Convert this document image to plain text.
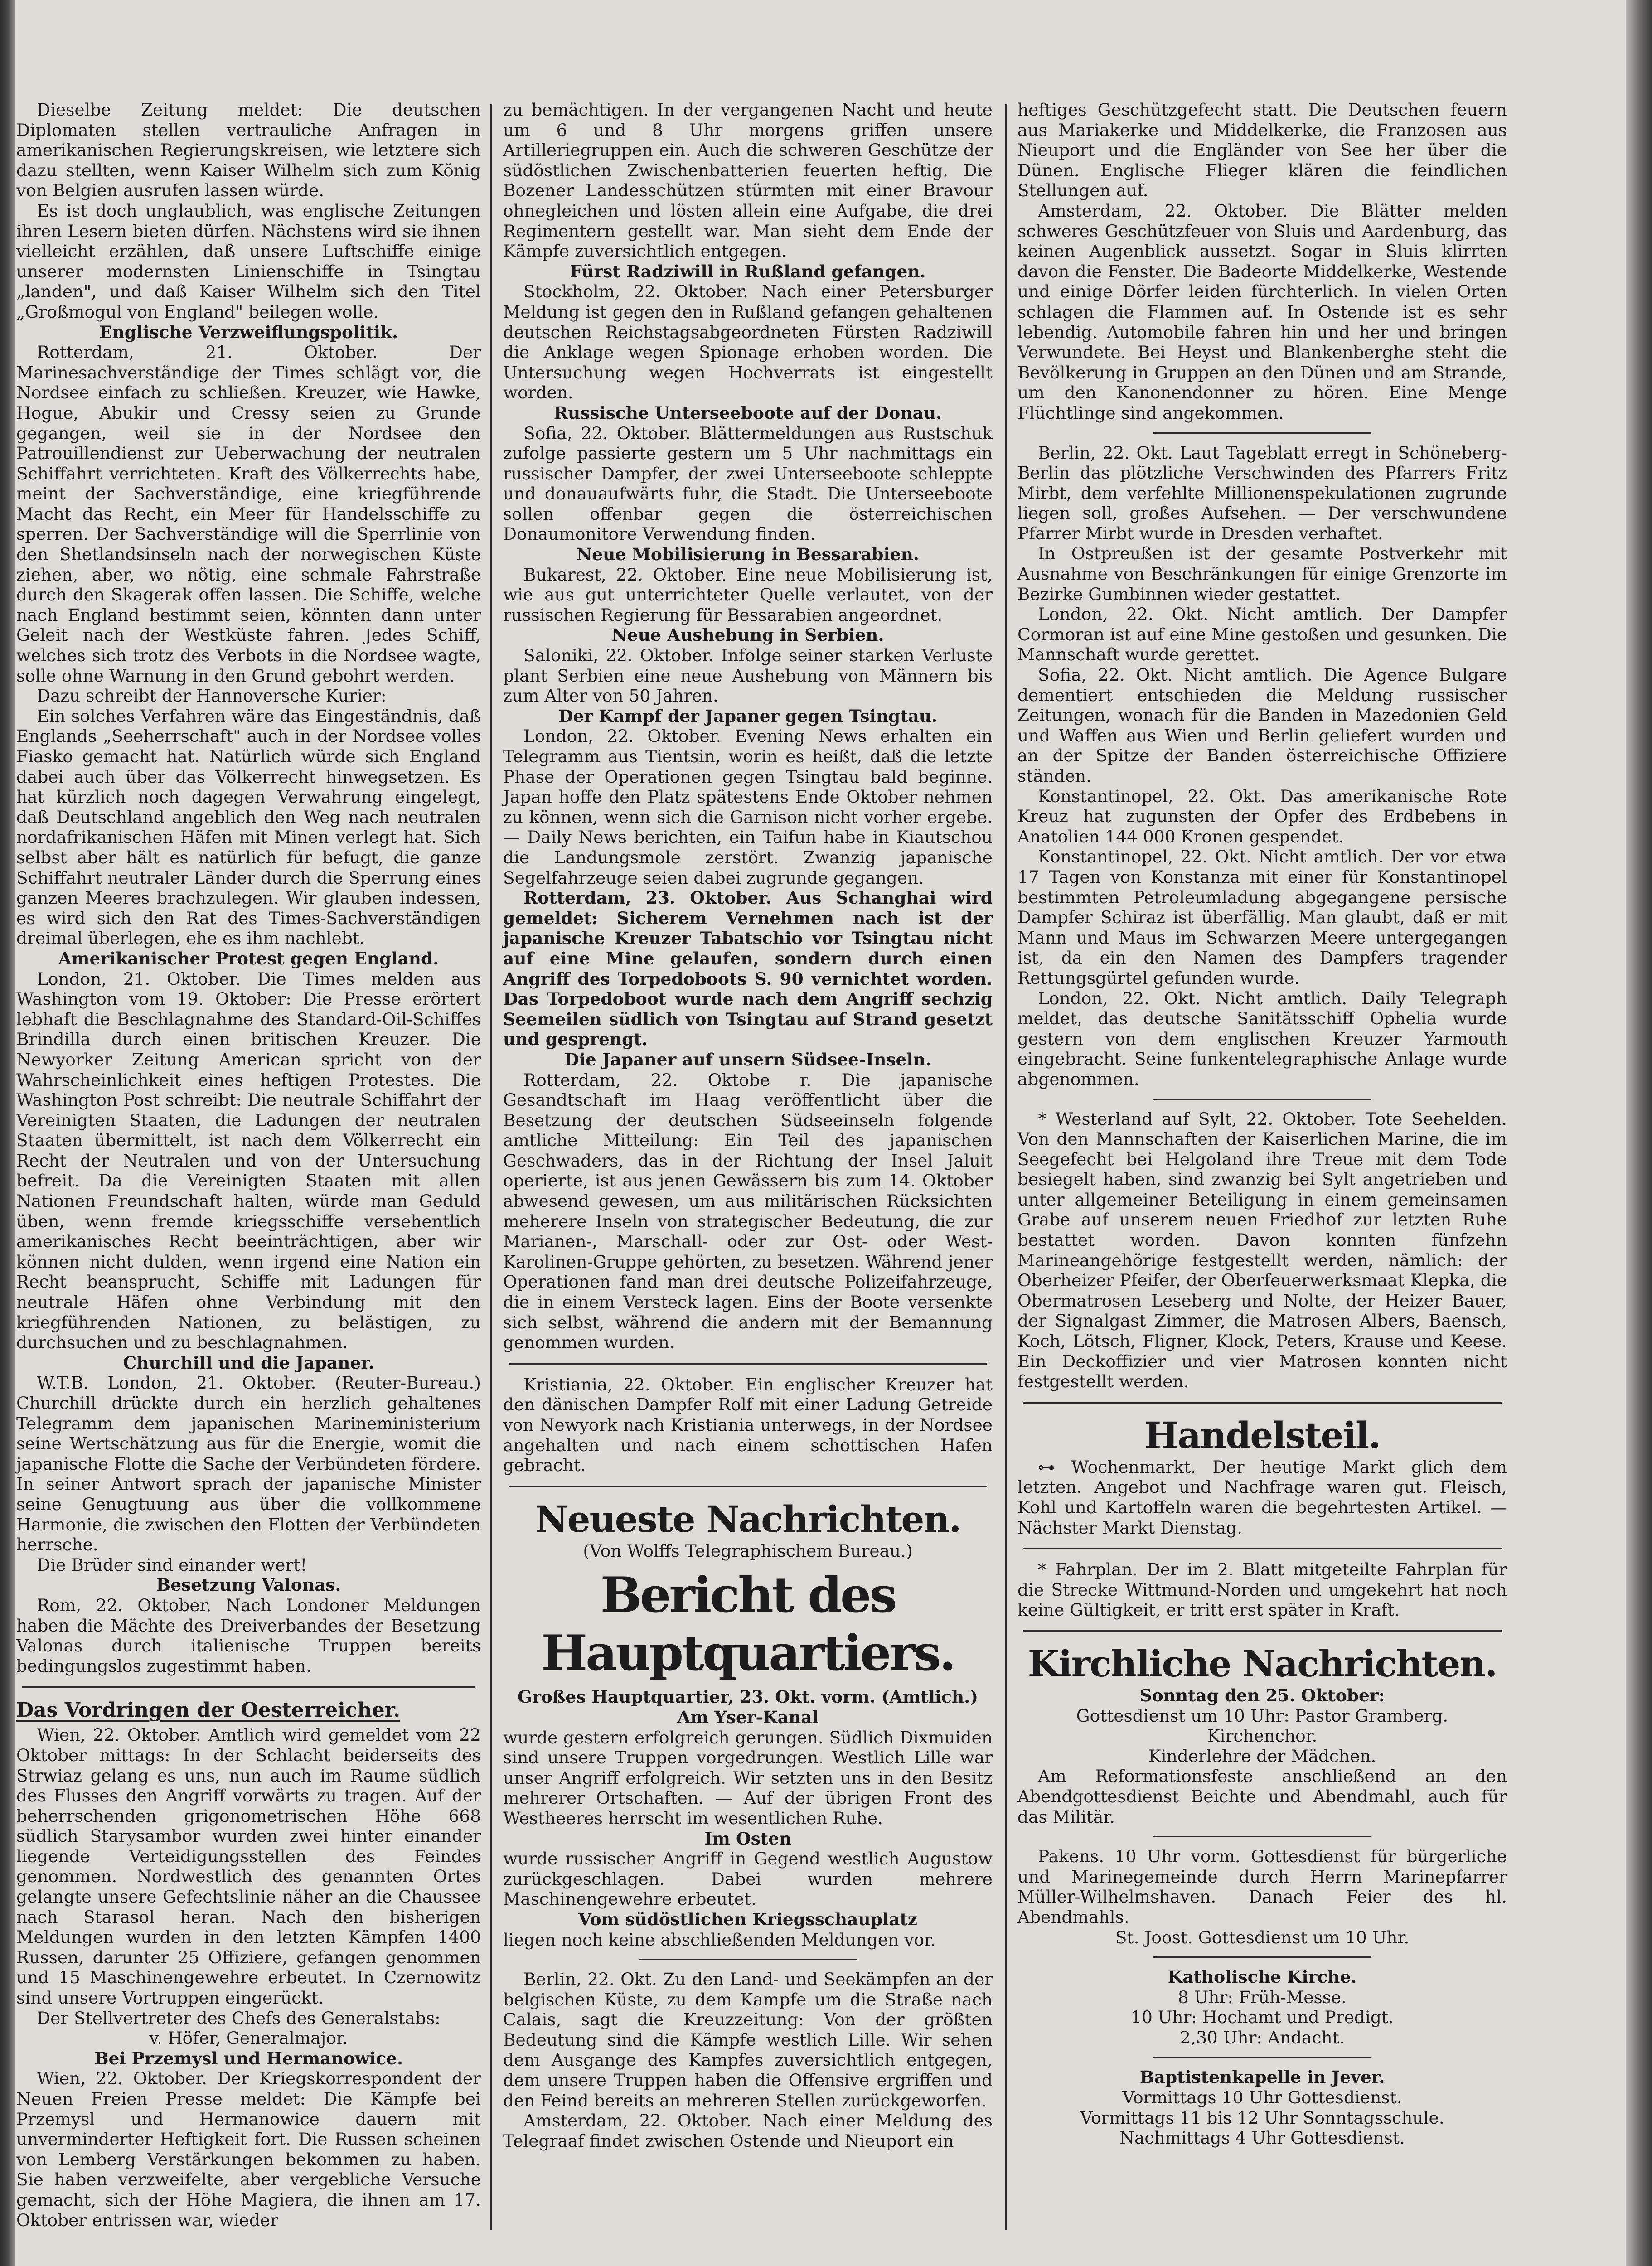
Dieselbe Zeitung meldet: Die deutschen Diplomaten stellen vertrauliche Anfragen in amerikanischen Regierungskreisen, wie letztere sich dazu stellten, wenn Kaiser Wilhelm sich zum König von Belgien ausrufen lassen würde.

Es ist doch unglaublich, was englische Zeitungen ihren Lesern bieten dürfen. Nächstens wird sie ihnen vielleicht erzählen, daß unsere Luftschiffe einige unserer modernsten Linienschiffe in Tsingtau „landen", und daß Kaiser Wilhelm sich den Titel „Großmogul von England" beilegen wolle.

Englische Verzweiflungspolitik.

Rotterdam, 21. Oktober. Der Marinesachverständige der Times schlägt vor, die Nordsee einfach zu schließen. Kreuzer, wie Hawke, Hogue, Abukir und Cressy seien zu Grunde gegangen, weil sie in der Nordsee den Patrouillendienst zur Ueberwachung der neutralen Schiffahrt verrichteten. Kraft des Völkerrechts habe, meint der Sachverständige, eine kriegführende Macht das Recht, ein Meer für Handelsschiffe zu sperren. Der Sachverständige will die Sperrlinie von den Shetlandsinseln nach der norwegischen Küste ziehen, aber, wo nötig, eine schmale Fahrstraße durch den Skagerak offen lassen. Die Schiffe, welche nach England bestimmt seien, könnten dann unter Geleit nach der Westküste fahren. Jedes Schiff, welches sich trotz des Verbots in die Nordsee wagte, solle ohne Warnung in den Grund gebohrt werden.

Dazu schreibt der Hannoversche Kurier:

Ein solches Verfahren wäre das Eingeständnis, daß Englands „Seeherrschaft" auch in der Nordsee volles Fiasko gemacht hat. Natürlich würde sich England dabei auch über das Völkerrecht hinwegsetzen. Es hat kürzlich noch dagegen Verwahrung eingelegt, daß Deutschland angeblich den Weg nach neutralen nordafrikanischen Häfen mit Minen verlegt hat. Sich selbst aber hält es natürlich für befugt, die ganze Schiffahrt neutraler Länder durch die Sperrung eines ganzen Meeres brachzulegen. Wir glauben indessen, es wird sich den Rat des Times-Sachverständigen dreimal überlegen, ehe es ihm nachlebt.

Amerikanischer Protest gegen England.

London, 21. Oktober. Die Times melden aus Washington vom 19. Oktober: Die Presse erörtert lebhaft die Beschlagnahme des Standard-Oil-Schiffes Brindilla durch einen britischen Kreuzer. Die Newyorker Zeitung American spricht von der Wahrscheinlichkeit eines heftigen Protestes. Die Washington Post schreibt: Die neutrale Schiffahrt der Vereinigten Staaten, die Ladungen der neutralen Staaten übermittelt, ist nach dem Völkerrecht ein Recht der Neutralen und von der Untersuchung befreit. Da die Vereinigten Staaten mit allen Nationen Freundschaft halten, würde man Geduld üben, wenn fremde kriegsschiffe versehentlich amerikanisches Recht beeinträchtigen, aber wir können nicht dulden, wenn irgend eine Nation ein Recht beansprucht, Schiffe mit Ladungen für neutrale Häfen ohne Verbindung mit den kriegführenden Nationen, zu belästigen, zu durchsuchen und zu beschlagnahmen.

Churchill und die Japaner.

W.T.B. London, 21. Oktober. (Reuter-Bureau.) Churchill drückte durch ein herzlich gehaltenes Telegramm dem japanischen Marineministerium seine Wertschätzung aus für die Energie, womit die japanische Flotte die Sache der Verbündeten fördere. In seiner Antwort sprach der japanische Minister seine Genugtuung aus über die vollkommene Harmonie, die zwischen den Flotten der Verbündeten herrsche.

Die Brüder sind einander wert!

Besetzung Valonas.

Rom, 22. Oktober. Nach Londoner Meldungen haben die Mächte des Dreiverbandes der Besetzung Valonas durch italienische Truppen bereits bedingungslos zugestimmt haben.

Das Vordringen der Oesterreicher.

Wien, 22. Oktober. Amtlich wird gemeldet vom 22 Oktober mittags: In der Schlacht beiderseits des Strwiaz gelang es uns, nun auch im Raume südlich des Flusses den Angriff vorwärts zu tragen. Auf der beherrschenden grigonometrischen Höhe 668 südlich Starysambor wurden zwei hinter einander liegende Verteidigungsstellen des Feindes genommen. Nordwestlich des genannten Ortes gelangte unsere Gefechtslinie näher an die Chaussee nach Starasol heran. Nach den bisherigen Meldungen wurden in den letzten Kämpfen 1400 Russen, darunter 25 Offiziere, gefangen genommen und 15 Maschinengewehre erbeutet. In Czernowitz sind unsere Vortruppen eingerückt.

Der Stellvertreter des Chefs des Generalstabs:

v. Höfer, Generalmajor.

Bei Przemysl und Hermanowice.

Wien, 22. Oktober. Der Kriegskorrespondent der Neuen Freien Presse meldet: Die Kämpfe bei Przemysl und Hermanowice dauern mit unverminderter Heftigkeit fort. Die Russen scheinen von Lemberg Verstärkungen bekommen zu haben. Sie haben verzweifelte, aber vergebliche Versuche gemacht, sich der Höhe Magiera, die ihnen am 17. Oktober entrissen war, wieder

zu bemächtigen. In der vergangenen Nacht und heute um 6 und 8 Uhr morgens griffen unsere Artilleriegruppen ein. Auch die schweren Geschütze der südöstlichen Zwischenbatterien feuerten heftig. Die Bozener Landesschützen stürmten mit einer Bravour ohnegleichen und lösten allein eine Aufgabe, die drei Regimentern gestellt war. Man sieht dem Ende der Kämpfe zuversichtlich entgegen.

Fürst Radziwill in Rußland gefangen.

Stockholm, 22. Oktober. Nach einer Petersburger Meldung ist gegen den in Rußland gefangen gehaltenen deutschen Reichstagsabgeordneten Fürsten Radziwill die Anklage wegen Spionage erhoben worden. Die Untersuchung wegen Hochverrats ist eingestellt worden.

Russische Unterseeboote auf der Donau.

Sofia, 22. Oktober. Blättermeldungen aus Rustschuk zufolge passierte gestern um 5 Uhr nachmittags ein russischer Dampfer, der zwei Unterseeboote schleppte und donauaufwärts fuhr, die Stadt. Die Unterseeboote sollen offenbar gegen die österreichischen Donaumonitore Verwendung finden.

Neue Mobilisierung in Bessarabien.

Bukarest, 22. Oktober. Eine neue Mobilisierung ist, wie aus gut unterrichteter Quelle verlautet, von der russischen Regierung für Bessarabien angeordnet.

Neue Aushebung in Serbien.

Saloniki, 22. Oktober. Infolge seiner starken Verluste plant Serbien eine neue Aushebung von Männern bis zum Alter von 50 Jahren.

Der Kampf der Japaner gegen Tsingtau.

London, 22. Oktober. Evening News erhalten ein Telegramm aus Tientsin, worin es heißt, daß die letzte Phase der Operationen gegen Tsingtau bald beginne. Japan hoffe den Platz spätestens Ende Oktober nehmen zu können, wenn sich die Garnison nicht vorher ergebe. — Daily News berichten, ein Taifun habe in Kiautschou die Landungsmole zerstört. Zwanzig japanische Segelfahrzeuge seien dabei zugrunde gegangen.

Rotterdam, 23. Oktober. Aus Schanghai wird gemeldet: Sicherem Vernehmen nach ist der japanische Kreuzer Tabatschio vor Tsingtau nicht auf eine Mine gelaufen, sondern durch einen Angriff des Torpedoboots S. 90 vernichtet worden. Das Torpedoboot wurde nach dem Angriff sechzig Seemeilen südlich von Tsingtau auf Strand gesetzt und gesprengt.

Die Japaner auf unsern Südsee-Inseln.

Rotterdam, 22. Oktobe r. Die japanische Gesandtschaft im Haag veröffentlicht über die Besetzung der deutschen Südseeinseln folgende amtliche Mitteilung: Ein Teil des japanischen Geschwaders, das in der Richtung der Insel Jaluit operierte, ist aus jenen Gewässern bis zum 14. Oktober abwesend gewesen, um aus militärischen Rücksichten meherere Inseln von strategischer Bedeutung, die zur Marianen-, Marschall- oder zur Ost- oder West-Karolinen-Gruppe gehörten, zu besetzen. Während jener Operationen fand man drei deutsche Polizeifahrzeuge, die in einem Versteck lagen. Eins der Boote versenkte sich selbst, während die andern mit der Bemannung genommen wurden.

Kristiania, 22. Oktober. Ein englischer Kreuzer hat den dänischen Dampfer Rolf mit einer Ladung Getreide von Newyork nach Kristiania unterwegs, in der Nordsee angehalten und nach einem schottischen Hafen gebracht.

Neueste Nachrichten.
(Von Wolffs Telegraphischem Bureau.)
Bericht des Hauptquartiers.

Großes Hauptquartier, 23. Okt. vorm. (Amtlich.)

Am Yser-Kanal

wurde gestern erfolgreich gerungen. Südlich Dixmuiden sind unsere Truppen vorgedrungen. Westlich Lille war unser Angriff erfolgreich. Wir setzten uns in den Besitz mehrerer Ortschaften. — Auf der übrigen Front des Westheeres herrscht im wesentlichen Ruhe.

Im Osten

wurde russischer Angriff in Gegend westlich Augustow zurückgeschlagen. Dabei wurden mehrere Maschinengewehre erbeutet.

Vom südöstlichen Kriegsschauplatz

liegen noch keine abschließenden Meldungen vor.

Berlin, 22. Okt. Zu den Land- und Seekämpfen an der belgischen Küste, zu dem Kampfe um die Straße nach Calais, sagt die Kreuzzeitung: Von der größten Bedeutung sind die Kämpfe westlich Lille. Wir sehen dem Ausgange des Kampfes zuversichtlich entgegen, dem unsere Truppen haben die Offensive ergriffen und den Feind bereits an mehreren Stellen zurückgeworfen.

Amsterdam, 22. Oktober. Nach einer Meldung des Telegraaf findet zwischen Ostende und Nieuport ein

heftiges Geschützgefecht statt. Die Deutschen feuern aus Mariakerke und Middelkerke, die Franzosen aus Nieuport und die Engländer von See her über die Dünen. Englische Flieger klären die feindlichen Stellungen auf.

Amsterdam, 22. Oktober. Die Blätter melden schweres Geschützfeuer von Sluis und Aardenburg, das keinen Augenblick aussetzt. Sogar in Sluis klirrten davon die Fenster. Die Badeorte Middelkerke, Westende und einige Dörfer leiden fürchterlich. In vielen Orten schlagen die Flammen auf. In Ostende ist es sehr lebendig. Automobile fahren hin und her und bringen Verwundete. Bei Heyst und Blankenberghe steht die Bevölkerung in Gruppen an den Dünen und am Strande, um den Kanonendonner zu hören. Eine Menge Flüchtlinge sind angekommen.

Berlin, 22. Okt. Laut Tageblatt erregt in Schöneberg-Berlin das plötzliche Verschwinden des Pfarrers Fritz Mirbt, dem verfehlte Millionenspekulationen zugrunde liegen soll, großes Aufsehen. — Der verschwundene Pfarrer Mirbt wurde in Dresden verhaftet.

In Ostpreußen ist der gesamte Postverkehr mit Ausnahme von Beschränkungen für einige Grenzorte im Bezirke Gumbinnen wieder gestattet.

London, 22. Okt. Nicht amtlich. Der Dampfer Cormoran ist auf eine Mine gestoßen und gesunken. Die Mannschaft wurde gerettet.

Sofia, 22. Okt. Nicht amtlich. Die Agence Bulgare dementiert entschieden die Meldung russischer Zeitungen, wonach für die Banden in Mazedonien Geld und Waffen aus Wien und Berlin geliefert wurden und an der Spitze der Banden österreichische Offiziere ständen.

Konstantinopel, 22. Okt. Das amerikanische Rote Kreuz hat zugunsten der Opfer des Erdbebens in Anatolien 144 000 Kronen gespendet.

Konstantinopel, 22. Okt. Nicht amtlich. Der vor etwa 17 Tagen von Konstanza mit einer für Konstantinopel bestimmten Petroleumladung abgegangene persische Dampfer Schiraz ist überfällig. Man glaubt, daß er mit Mann und Maus im Schwarzen Meere untergegangen ist, da ein den Namen des Dampfers tragender Rettungsgürtel gefunden wurde.

London, 22. Okt. Nicht amtlich. Daily Telegraph meldet, das deutsche Sanitätsschiff Ophelia wurde gestern von dem englischen Kreuzer Yarmouth eingebracht. Seine funkentelegraphische Anlage wurde abgenommen.

* Westerland auf Sylt, 22. Oktober. Tote Seehelden. Von den Mannschaften der Kaiserlichen Marine, die im Seegefecht bei Helgoland ihre Treue mit dem Tode besiegelt haben, sind zwanzig bei Sylt angetrieben und unter allgemeiner Beteiligung in einem gemeinsamen Grabe auf unserem neuen Friedhof zur letzten Ruhe bestattet worden. Davon konnten fünfzehn Marineangehörige festgestellt werden, nämlich: der Oberheizer Pfeifer, der Oberfeuerwerksmaat Klepka, die Obermatrosen Leseberg und Nolte, der Heizer Bauer, der Signalgast Zimmer, die Matrosen Albers, Baensch, Koch, Lötsch, Fligner, Klock, Peters, Krause und Keese. Ein Deckoffizier und vier Matrosen konnten nicht festgestellt werden.

Handelsteil.

⊶ Wochenmarkt. Der heutige Markt glich dem letzten. Angebot und Nachfrage waren gut. Fleisch, Kohl und Kartoffeln waren die begehrtesten Artikel. — Nächster Markt Dienstag.

* Fahrplan. Der im 2. Blatt mitgeteilte Fahrplan für die Strecke Wittmund-Norden und umgekehrt hat noch keine Gültigkeit, er tritt erst später in Kraft.

Kirchliche Nachrichten.
Sonntag den 25. Oktober:

Gottesdienst um 10 Uhr: Pastor Gramberg.

Kirchenchor.

Kinderlehre der Mädchen.

Am Reformationsfeste anschließend an den Abendgottesdienst Beichte und Abendmahl, auch für das Militär.

Pakens. 10 Uhr vorm. Gottesdienst für bürgerliche und Marinegemeinde durch Herrn Marinepfarrer Müller-Wilhelmshaven. Danach Feier des hl. Abendmahls.

St. Joost. Gottesdienst um 10 Uhr.

Katholische Kirche.

8 Uhr: Früh-Messe.

10 Uhr: Hochamt und Predigt.

2,30 Uhr: Andacht.

Baptistenkapelle in Jever.

Vormittags 10 Uhr Gottesdienst.

Vormittags 11 bis 12 Uhr Sonntagsschule.

Nachmittags 4 Uhr Gottesdienst.
